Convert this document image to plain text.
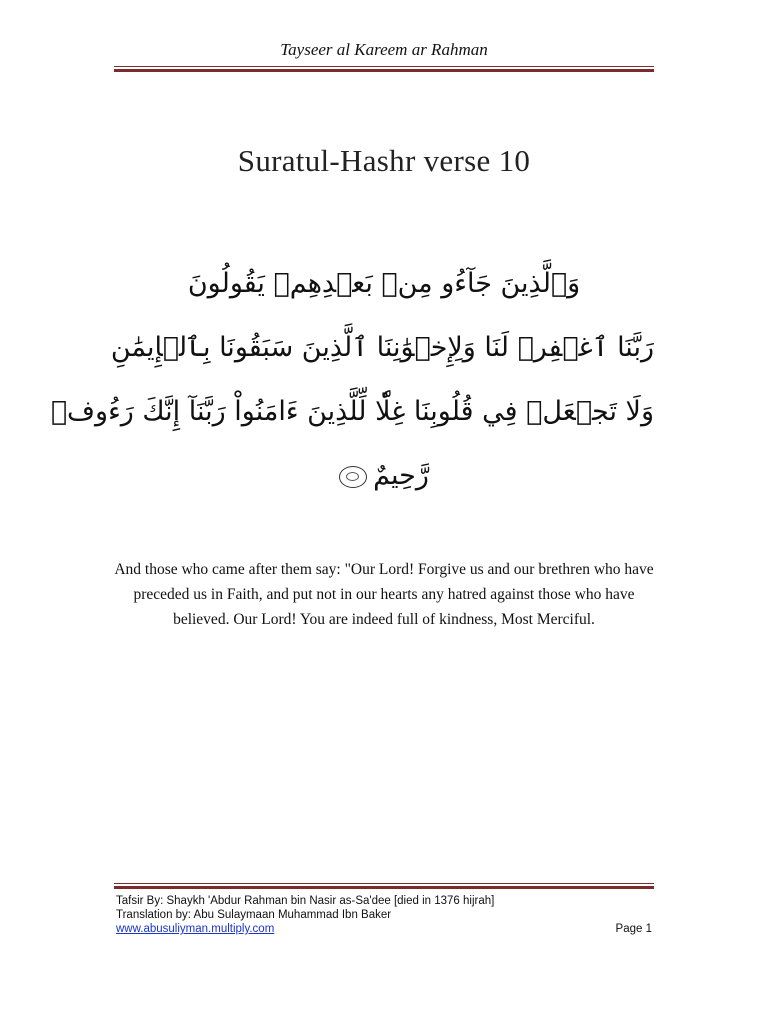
Tayseer al Kareem ar Rahman
Suratul-Hashr verse 10
وَٱلَّذِينَ جَآءُو مِنۢ بَعۡدِهِمۡ يَقُولُونَ
رَبَّنَا ٱغۡفِرۡ لَنَا وَلِإِخۡوَٰنِنَا ٱلَّذِينَ سَبَقُونَا بِٱلۡإِيمَٰنِ
وَلَا تَجۡعَلۡ فِي قُلُوبِنَا غِلّٗا لِّلَّذِينَ ءَامَنُواْ رَبَّنَآ إِنَّكَ رَءُوفٞ
رَّحِيمٌ
And those who came after them say: "Our Lord! Forgive us and our brethren who have preceded us in Faith, and put not in our hearts any hatred against those who have believed. Our Lord! You are indeed full of kindness, Most Merciful.
Tafsir By: Shaykh 'Abdur Rahman bin Nasir as-Sa'dee [died in 1376 hijrah]
Translation by: Abu Sulaymaan Muhammad Ibn Baker
www.abusuliyman.multiply.com	Page 1
